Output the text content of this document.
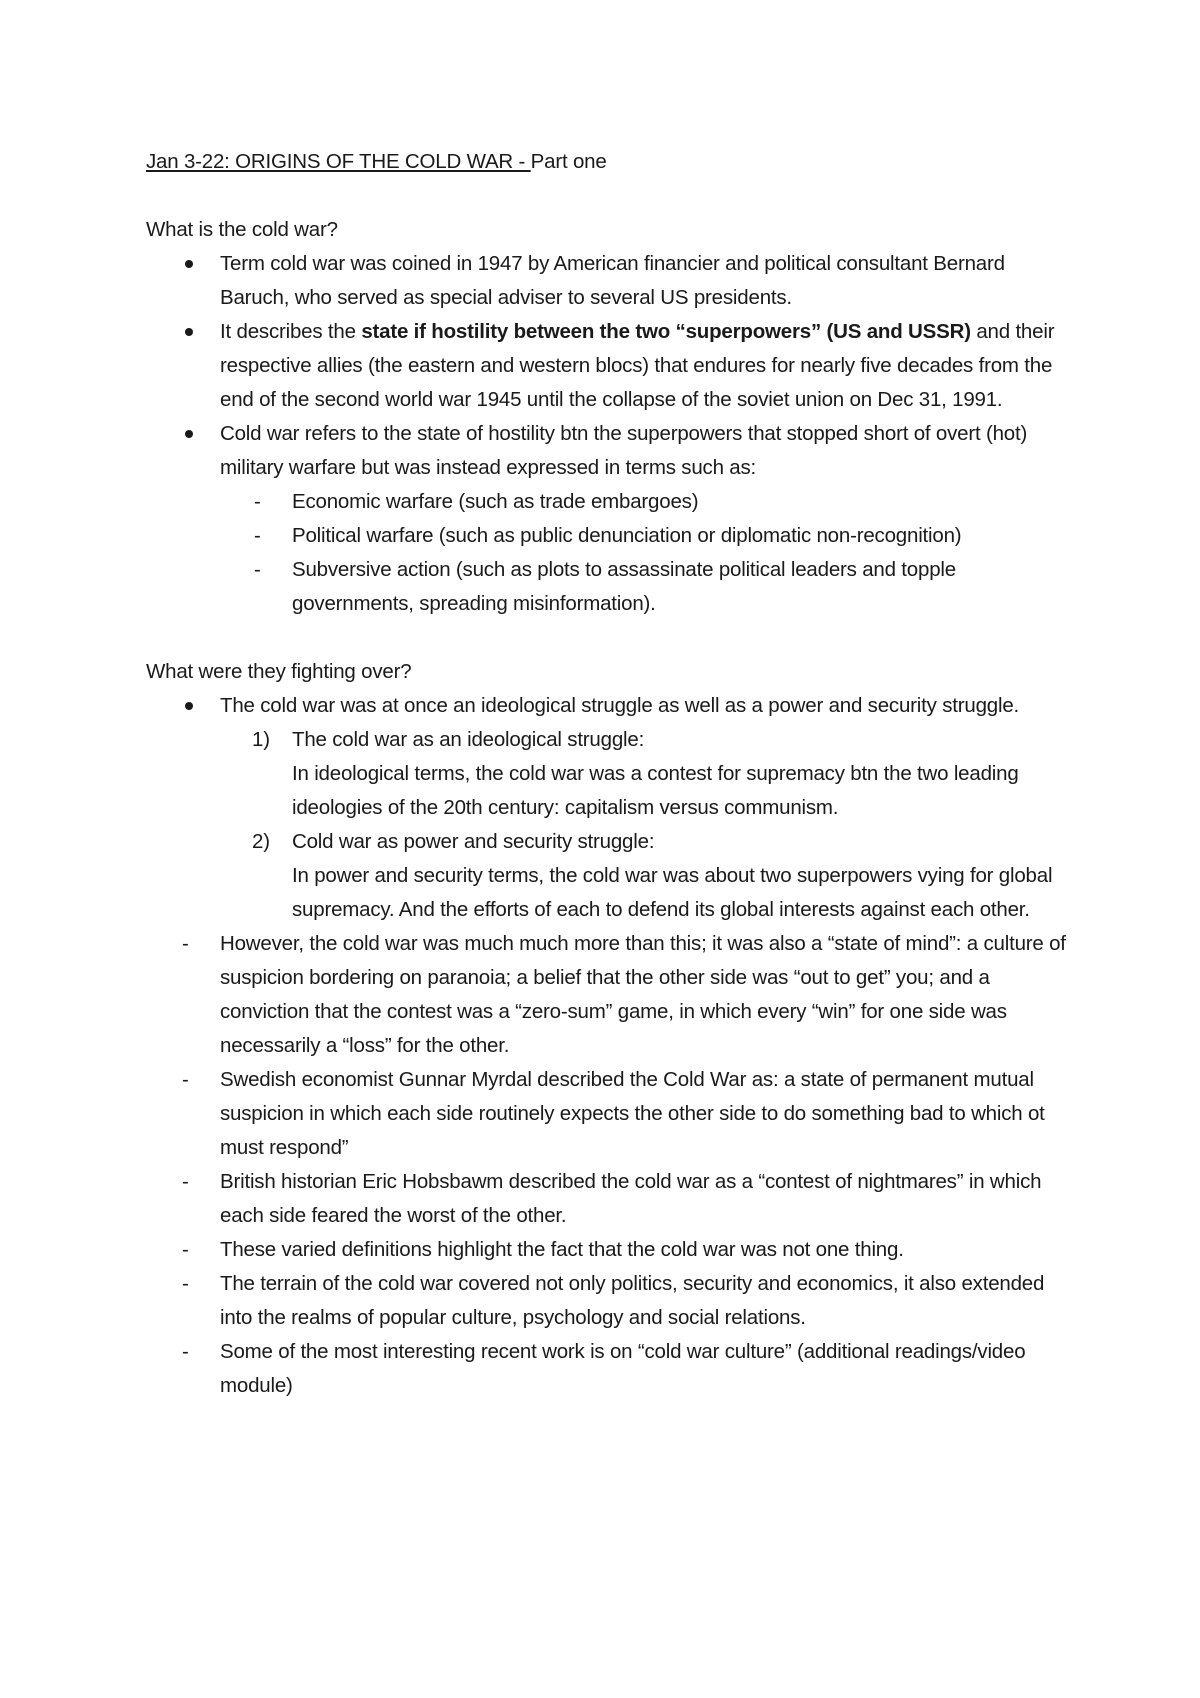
Jan 3-22: ORIGINS OF THE COLD WAR - Part one

What is the cold war?

Term cold war was coined in 1947 by American financier and political consultant Bernard Baruch, who served as special adviser to several US presidents.
It describes the state if hostility between the two “superpowers” (US and USSR) and their respective allies (the eastern and western blocs) that endures for nearly five decades from the end of the second world war 1945 until the collapse of the soviet union on Dec 31, 1991.
Cold war refers to the state of hostility btn the superpowers that stopped short of overt (hot) military warfare but was instead expressed in terms such as:
- Economic warfare (such as trade embargoes)
- Political warfare (such as public denunciation or diplomatic non-recognition)
- Subversive action (such as plots to assassinate political leaders and topple governments, spreading misinformation).

What were they fighting over?

The cold war was at once an ideological struggle as well as a power and security struggle.
1) The cold war as an ideological struggle:
In ideological terms, the cold war was a contest for supremacy btn the two leading ideologies of the 20th century: capitalism versus communism.
2) Cold war as power and security struggle:
In power and security terms, the cold war was about two superpowers vying for global supremacy. And the efforts of each to defend its global interests against each other.
-	However, the cold war was much much more than this; it was also a “state of mind”: a culture of suspicion bordering on paranoia; a belief that the other side was “out to get” you; and a conviction that the contest was a “zero-sum” game, in which every “win” for one side was necessarily a “loss” for the other.
-	Swedish economist Gunnar Myrdal described the Cold War as: a state of permanent mutual suspicion in which each side routinely expects the other side to do something bad to which ot must respond”
-	British historian Eric Hobsbawm described the cold war as a “contest of nightmares” in which each side feared the worst of the other.
-	These varied definitions highlight the fact that the cold war was not one thing.
-	The terrain of the cold war covered not only politics, security and economics, it also extended into the realms of popular culture, psychology and social relations.
-	Some of the most interesting recent work is on “cold war culture” (additional readings/video module)
